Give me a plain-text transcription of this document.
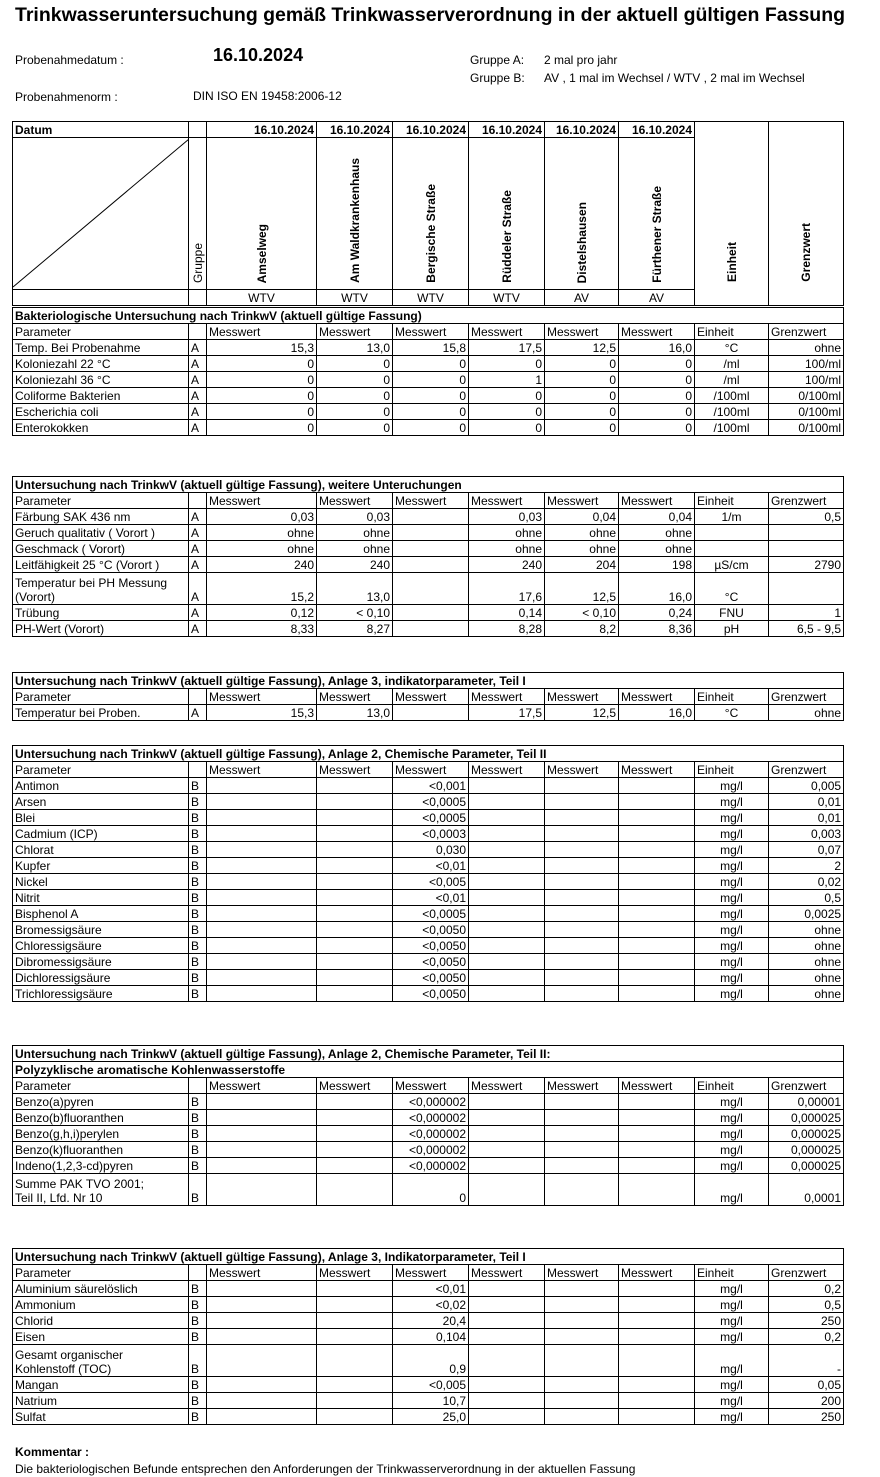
Trinkwasseruntersuchung gemäß Trinkwasserverordnung in der aktuell gültigen Fassung
Probenahmedatum :	16.10.2024
Probenahmenorm :	DIN ISO EN 19458:2006-12
Gruppe A: 2 mal pro jahr
Gruppe B: AV , 1 mal im Wechsel / WTV , 2 mal im Wechsel
Datum		16.10.2024	16.10.2024	16.10.2024	16.10.2024	16.10.2024	16.10.2024	Einheit	Grenzwert

	Gruppe	Amselweg	Am Waldkrankenhaus	Bergische Straße	Rüddeler Straße	Distelshausen	Fürthener Straße		
		WTV	WTV	WTV	WTV	AV	AV		
Bakteriologische Untersuchung nach TrinkwV (aktuell gültige Fassung)									
Parameter		Messwert	Messwert	Messwert	Messwert	Messwert	Messwert	Einheit	Grenzwert
Temp. Bei Probenahme	A	15,3	13,0	15,8	17,5	12,5	16,0	°C	ohne
Koloniezahl 22 °C	A	0	0	0	0	0	0	/ml	100/ml
Koloniezahl 36 °C	A	0	0	0	1	0	0	/ml	100/ml
Coliforme Bakterien	A	0	0	0	0	0	0	/100ml	0/100ml
Escherichia coli	A	0	0	0	0	0	0	/100ml	0/100ml
Enterokokken	A	0	0	0	0	0	0	/100ml	0/100ml
Untersuchung nach TrinkwV (aktuell gültige Fassung), weitere Unteruchungen									
Parameter		Messwert	Messwert	Messwert	Messwert	Messwert	Messwert	Einheit	Grenzwert
Färbung SAK 436 nm	A	0,03	0,03		0,03	0,04	0,04	1/m	0,5
Geruch qualitativ ( Vorort )	A	ohne	ohne		ohne	ohne	ohne		
Geschmack ( Vorort)	A	ohne	ohne		ohne	ohne	ohne		
Leitfähigkeit 25 °C (Vorort )	A	240	240		240	204	198	µS/cm	2790

Temperatur bei PH Messung
(Vorort)	A	15,2	13,0		17,6	12,5	16,0	°C	
Trübung	A	0,12	< 0,10		0,14	< 0,10	0,24	FNU	1
PH-Wert (Vorort)	A	8,33	8,27		8,28	8,2	8,36	pH	6,5 - 9,5
Untersuchung nach TrinkwV (aktuell gültige Fassung), Anlage 3, indikatorparameter, Teil I									
Parameter		Messwert	Messwert	Messwert	Messwert	Messwert	Messwert	Einheit	Grenzwert
Temperatur bei Proben.	A	15,3	13,0		17,5	12,5	16,0	°C	ohne
Untersuchung nach TrinkwV (aktuell gültige Fassung), Anlage 2, Chemische Parameter, Teil II									
Parameter		Messwert	Messwert	Messwert	Messwert	Messwert	Messwert	Einheit	Grenzwert
Antimon	B			<0,001				mg/l	0,005
Arsen	B			<0,0005				mg/l	0,01
Blei	B			<0,0005				mg/l	0,01
Cadmium (ICP)	B			<0,0003				mg/l	0,003
Chlorat	B			0,030				mg/l	0,07
Kupfer	B			<0,01				mg/l	2
Nickel	B			<0,005				mg/l	0,02
Nitrit	B			<0,01				mg/l	0,5
Bisphenol A	B			<0,0005				mg/l	0,0025
Bromessigsäure	B			<0,0050				mg/l	ohne
Chloressigsäure	B			<0,0050				mg/l	ohne
Dibromessigsäure	B			<0,0050				mg/l	ohne
Dichloressigsäure	B			<0,0050				mg/l	ohne
Trichloressigsäure	B			<0,0050				mg/l	ohne
Untersuchung nach TrinkwV (aktuell gültige Fassung), Anlage 2, Chemische Parameter, Teil II:									
Polyzyklische aromatische Kohlenwasserstoffe									
Parameter		Messwert	Messwert	Messwert	Messwert	Messwert	Messwert	Einheit	Grenzwert
Benzo(a)pyren	B			<0,000002				mg/l	0,00001
Benzo(b)fluoranthen	B			<0,000002				mg/l	0,000025
Benzo(g,h,i)perylen	B			<0,000002				mg/l	0,000025
Benzo(k)fluoranthen	B			<0,000002				mg/l	0,000025
Indeno(1,2,3-cd)pyren	B			<0,000002				mg/l	0,000025

Summe PAK TVO 2001;
Teil II, Lfd. Nr 10	B			0				mg/l	0,0001
Untersuchung nach TrinkwV (aktuell gültige Fassung), Anlage 3, Indikatorparameter, Teil I									
Parameter		Messwert	Messwert	Messwert	Messwert	Messwert	Messwert	Einheit	Grenzwert
Aluminium säurelöslich	B			<0,01				mg/l	0,2
Ammonium	B			<0,02				mg/l	0,5
Chlorid	B			20,4				mg/l	250
Eisen	B			0,104				mg/l	0,2

Gesamt organischer
Kohlenstoff (TOC)	B			0,9				mg/l	-
Mangan	B			<0,005				mg/l	0,05
Natrium	B			10,7				mg/l	200
Sulfat	B			25,0				mg/l	250
Kommentar :
Die bakteriologischen Befunde entsprechen den Anforderungen der Trinkwasserverordnung in der aktuellen Fassung
